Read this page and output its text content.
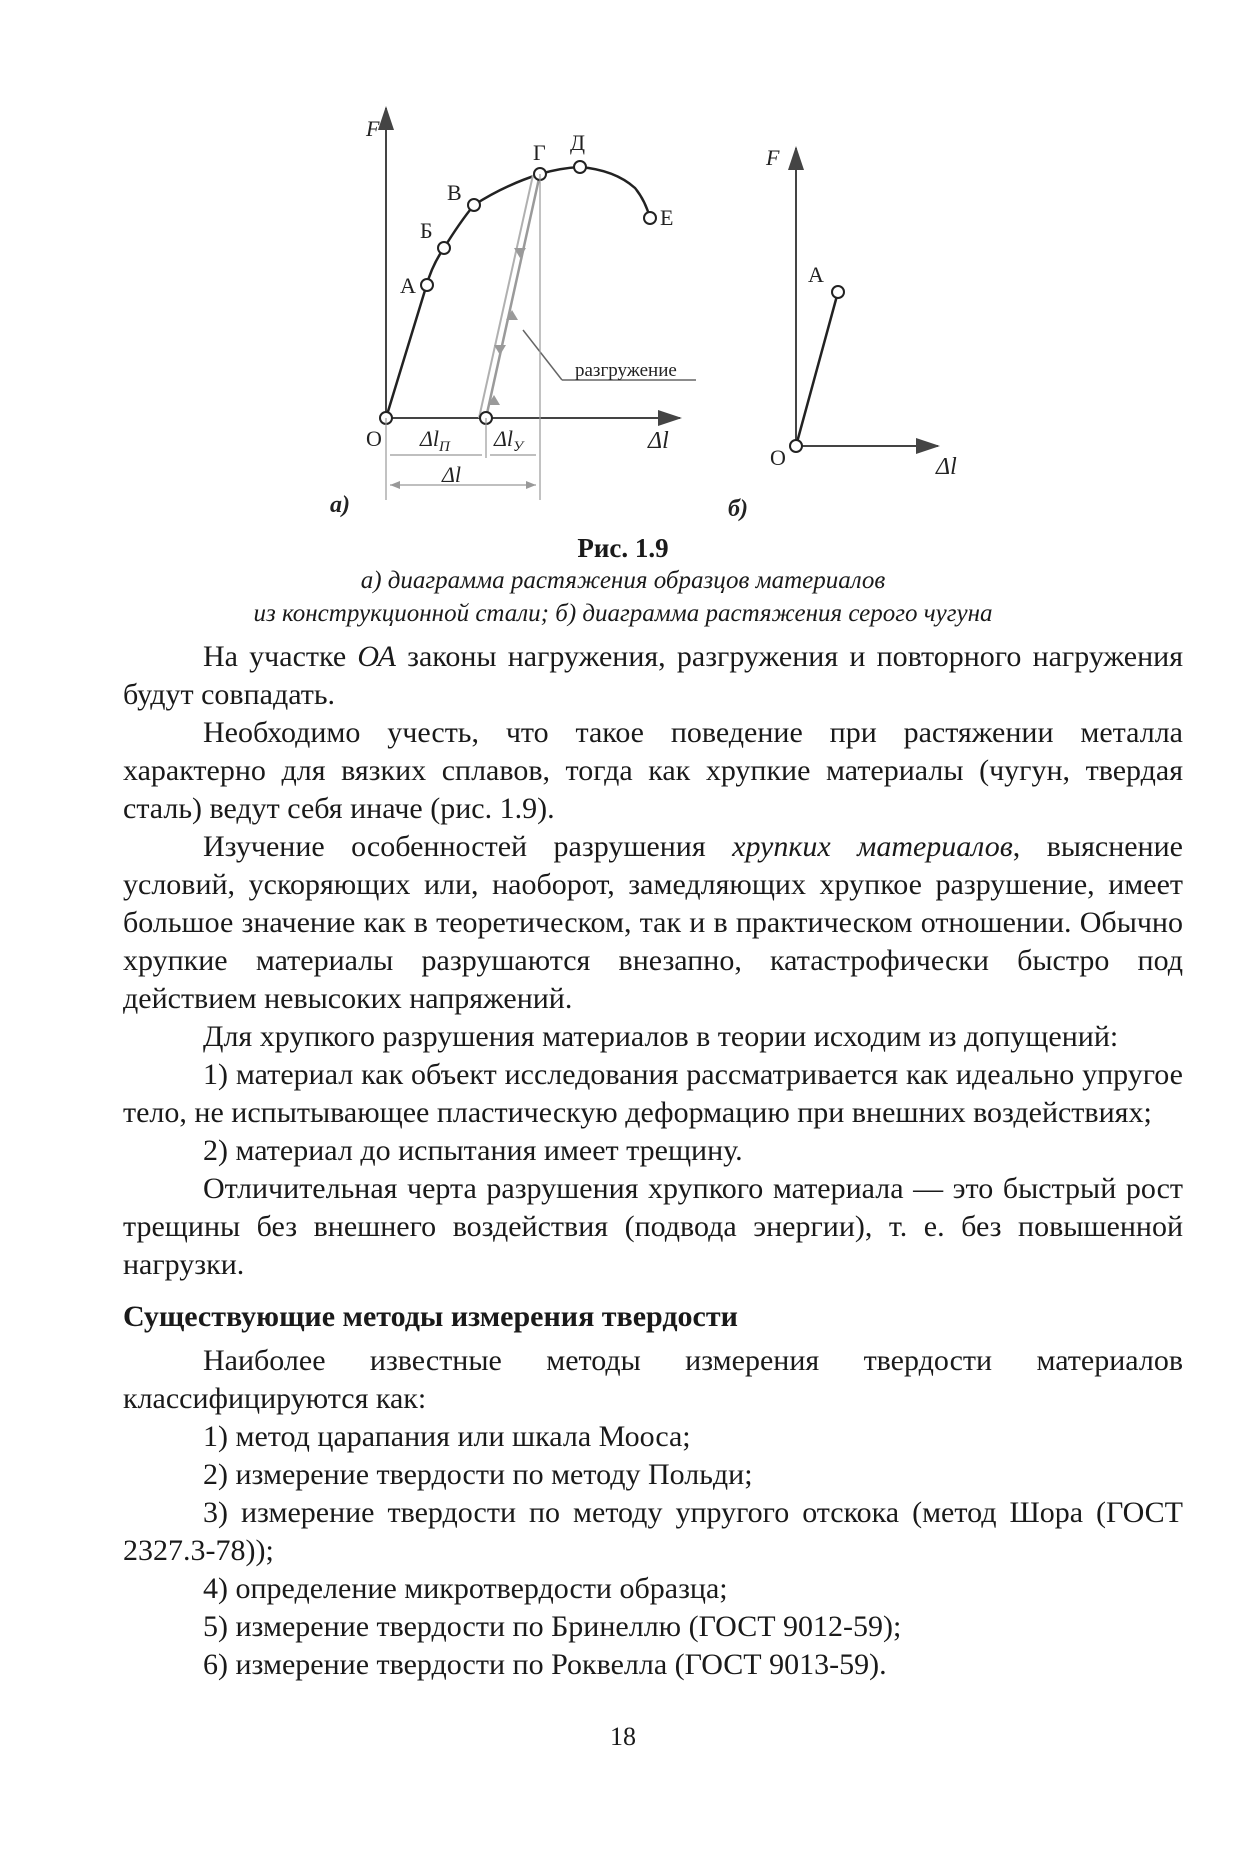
F
Δl
O
разгружение
А
Б
В
Г Д
Е
$\Delta l_П$ $\Delta l_У$
Δl
а)
F
Δl
O
А
б)
Рис. 1.9
а) диаграмма растяжения образцов материалов
из конструкционной стали; б) диаграмма растяжения серого чугуна

На участке ОА законы нагружения, разгружения и повторного нагружения будут совпадать.

Необходимо учесть, что такое поведение при растяжении металла характерно для вязких сплавов, тогда как хрупкие материалы (чугун, твердая сталь) ведут себя иначе (рис. 1.9).

Изучение особенностей разрушения хрупких материалов, выяснение условий, ускоряющих или, наоборот, замедляющих хрупкое разрушение, имеет большое значение как в теоретическом, так и в практическом отношении. Обычно хрупкие материалы разрушаются внезапно, катастрофически быстро под действием невысоких напряжений.

Для хрупкого разрушения материалов в теории исходим из допущений:

1) материал как объект исследования рассматривается как идеально упругое тело, не испытывающее пластическую деформацию при внешних воздействиях;

2) материал до испытания имеет трещину.

Отличительная черта разрушения хрупкого материала — это быстрый рост трещины без внешнего воздействия (подвода энергии), т. е. без повышенной нагрузки.

Существующие методы измерения твердости

Наиболее известные методы измерения твердости материалов классифицируются как:

1) метод царапания или шкала Мооса;

2) измерение твердости по методу Польди;

3) измерение твердости по методу упругого отскока (метод Шора (ГОСТ 2327.3-78));

4) определение микротвердости образца;

5) измерение твердости по Бринеллю (ГОСТ 9012-59);

6) измерение твердости по Роквелла (ГОСТ 9013-59).

18
